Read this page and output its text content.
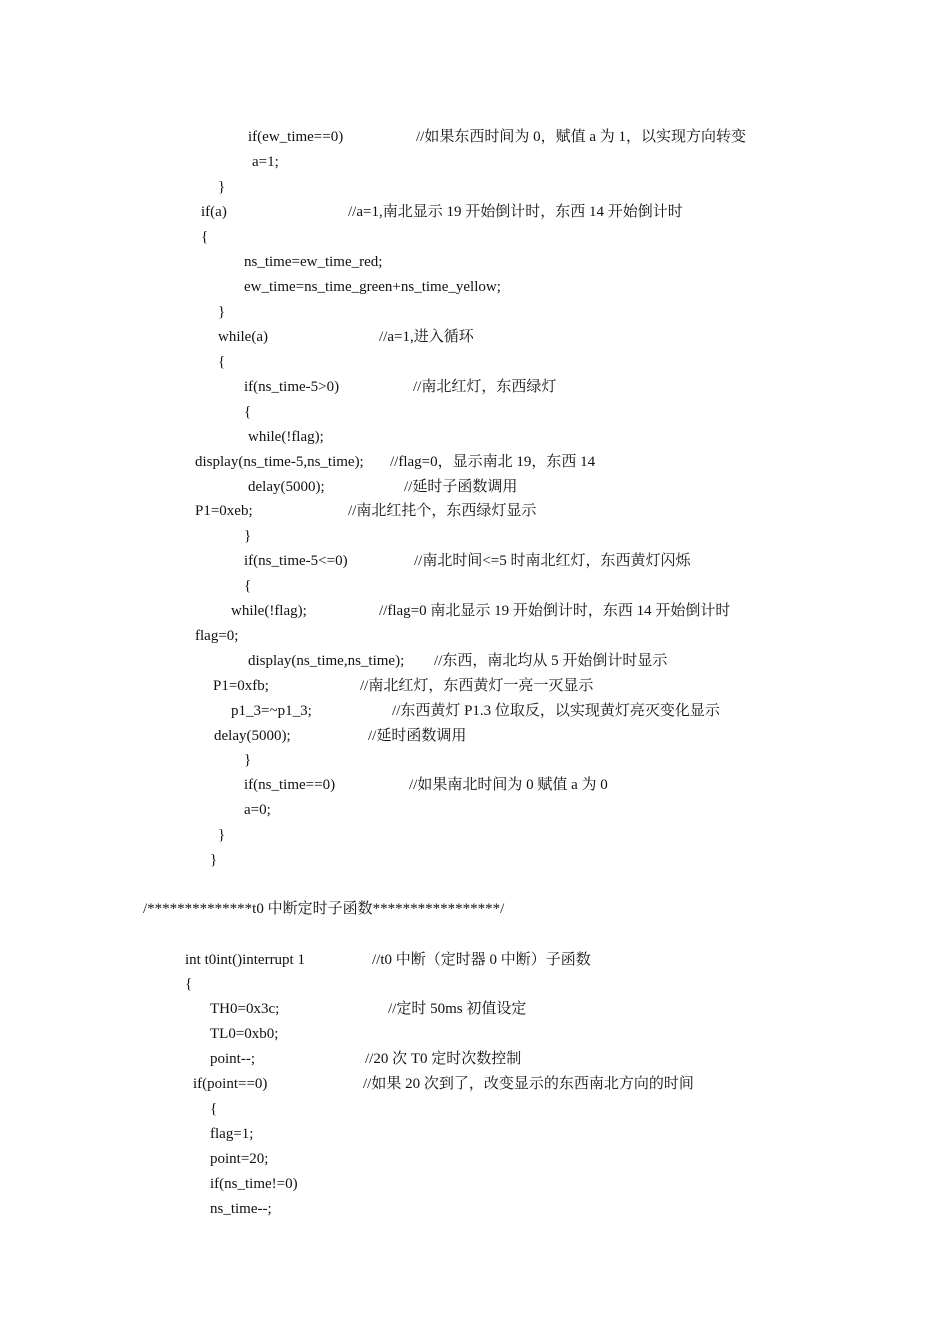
if(ew_time==0)	//如果东西时间为 0，赋值 a 为 1，以实现方向转变
a=1;
}
if(a)	//a=1,南北显示 19 开始倒计时，东西 14 开始倒计时
{
ns_time=ew_time_red;
ew_time=ns_time_green+ns_time_yellow;
}
while(a)	//a=1,进入循环
{
if(ns_time-5>0)	//南北红灯，东西绿灯
{
while(!flag);
display(ns_time-5,ns_time); //flag=0，显示南北 19，东西 14
delay(5000);	//延时子函数调用
P1=0xeb;	//南北红扥个，东西绿灯显示
}
if(ns_time-5<=0)	//南北时间<=5 时南北红灯，东西黄灯闪烁
{
while(!flag);	//flag=0 南北显示 19 开始倒计时，东西 14 开始倒计时
flag=0;
display(ns_time,ns_time); //东西，南北均从 5 开始倒计时显示
P1=0xfb;	//南北红灯，东西黄灯一亮一灭显示
p1_3=~p1_3;	//东西黄灯 P1.3 位取反，以实现黄灯亮灭变化显示
delay(5000);	//延时函数调用
}
if(ns_time==0)	//如果南北时间为 0 赋值 a 为 0
a=0;
}
}
/**************t0 中断定时子函数*****************/
int t0int()interrupt 1	//t0 中断（定时器 0 中断）子函数
{
TH0=0x3c;	//定时 50ms 初值设定
TL0=0xb0;
point--;	//20 次 T0 定时次数控制
if(point==0)	//如果 20 次到了，改变显示的东西南北方向的时间
{
flag=1;
point=20;
if(ns_time!=0)
ns_time--;
